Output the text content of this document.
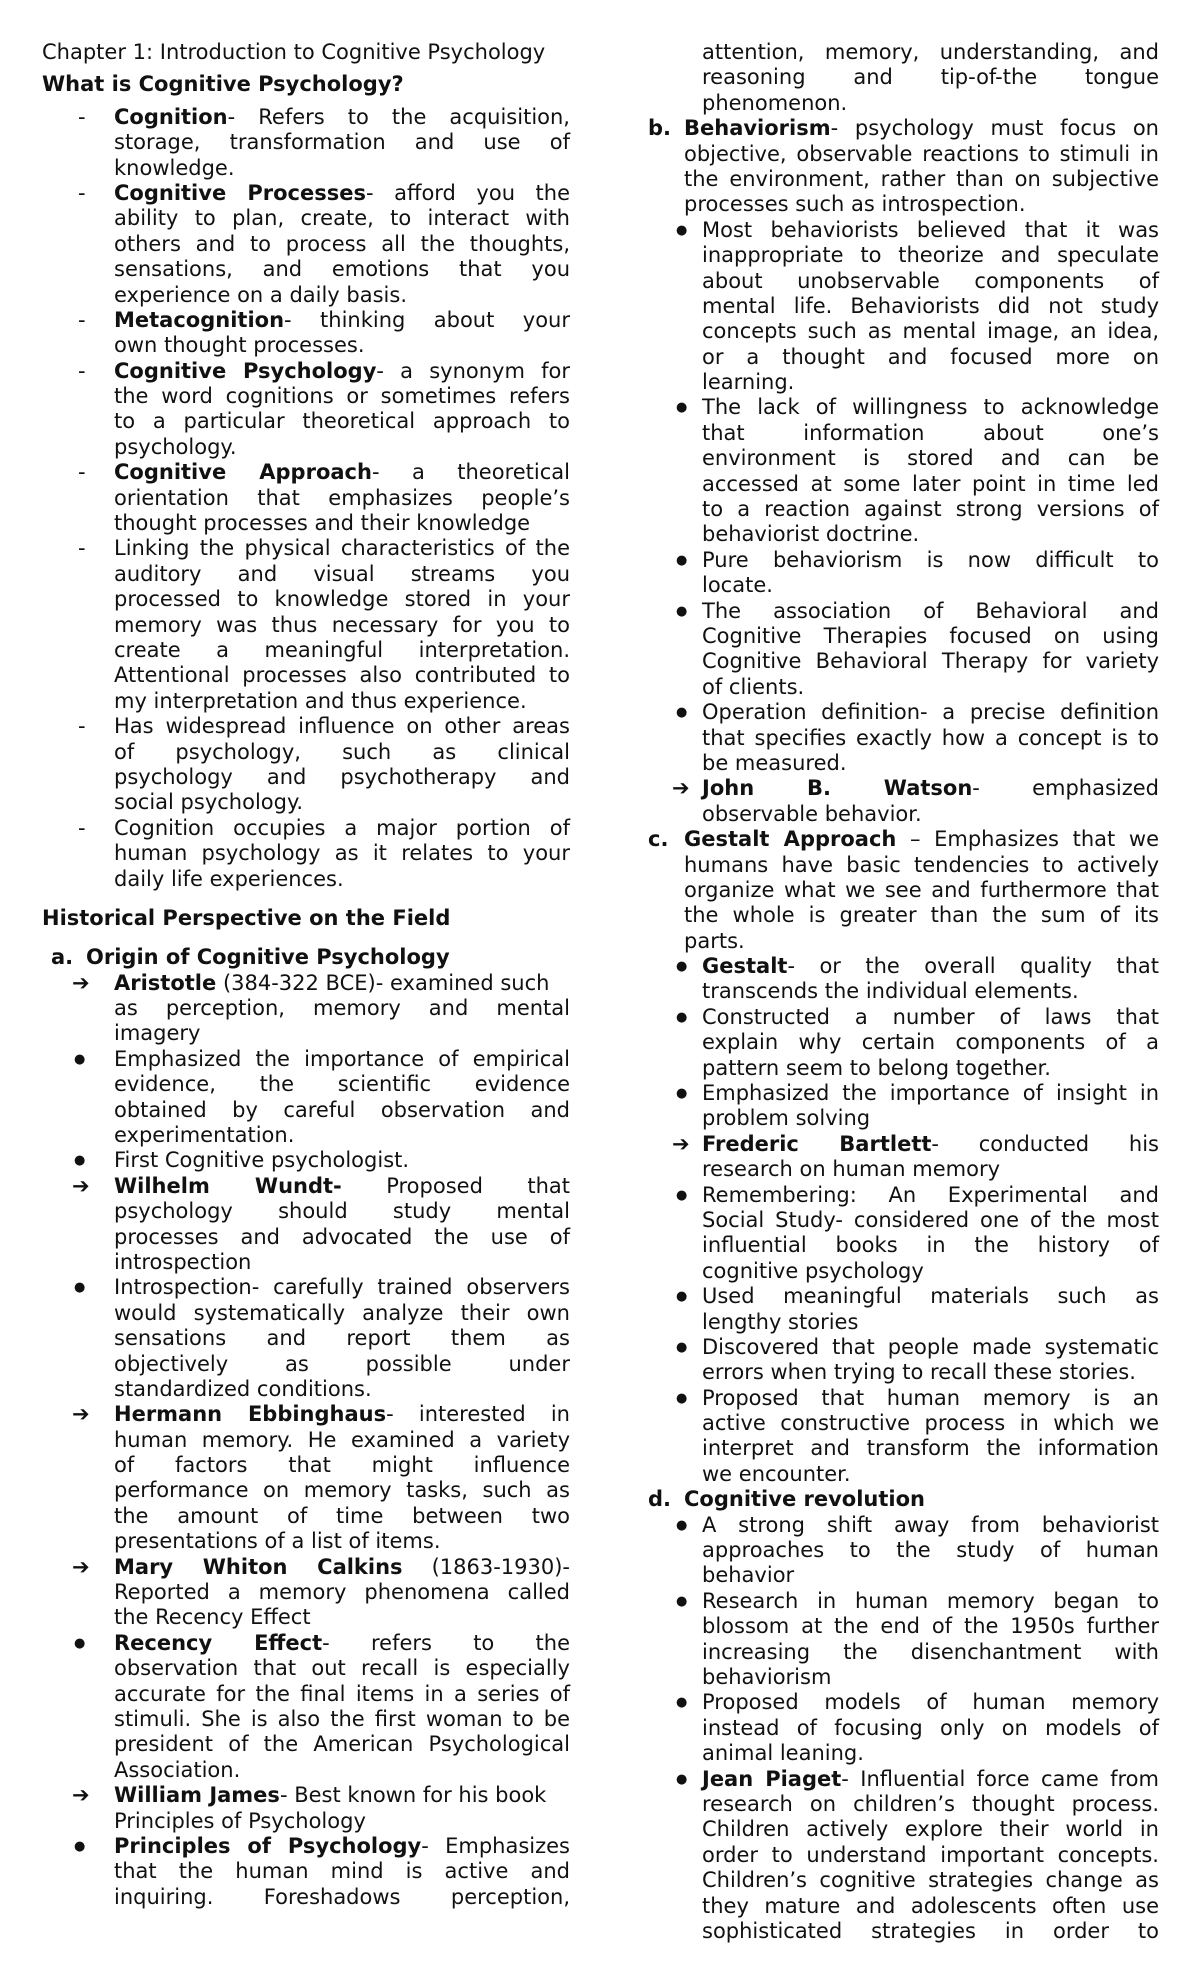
Chapter 1: Introduction to Cognitive Psychology
What is Cognitive Psychology?
- Cognition- Refers to the acquisition,
storage, transformation and use of
knowledge.
- Cognitive Processes- afford you the
ability to plan, create, to interact with
others and to process all the thoughts,
sensations, and emotions that you
experience on a daily basis.
- Metacognition- thinking about your
own thought processes.
- Cognitive Psychology- a synonym for
the word cognitions or sometimes refers
to a particular theoretical approach to
psychology.
- Cognitive Approach- a theoretical
orientation that emphasizes people’s
thought processes and their knowledge
- Linking the physical characteristics of the
auditory and visual streams you
processed to knowledge stored in your
memory was thus necessary for you to
create a meaningful interpretation.
Attentional processes also contributed to
my interpretation and thus experience.
- Has widespread influence on other areas
of psychology, such as clinical
psychology and psychotherapy and
social psychology.
- Cognition occupies a major portion of
human psychology as it relates to your
daily life experiences.
Historical Perspective on the Field
a. Origin of Cognitive Psychology
➔ Aristotle (384-322 BCE)- examined such
as perception, memory and mental
imagery
● Emphasized the importance of empirical
evidence, the scientific evidence
obtained by careful observation and
experimentation.
● First Cognitive psychologist.
➔ Wilhelm Wundt- Proposed that
psychology should study mental
processes and advocated the use of
introspection
● Introspection- carefully trained observers
would systematically analyze their own
sensations and report them as
objectively as possible under
standardized conditions.
➔ Hermann Ebbinghaus- interested in
human memory. He examined a variety
of factors that might influence
performance on memory tasks, such as
the amount of time between two
presentations of a list of items.
➔ Mary Whiton Calkins (1863-1930)-
Reported a memory phenomena called
the Recency Effect
● Recency Effect- refers to the
observation that out recall is especially
accurate for the final items in a series of
stimuli. She is also the first woman to be
president of the American Psychological
Association.
➔ William James- Best known for his book
Principles of Psychology
● Principles of Psychology- Emphasizes
that the human mind is active and
inquiring. Foreshadows perception,
attention, memory, understanding, and
reasoning and tip-of-the tongue
phenomenon.
b. Behaviorism- psychology must focus on
objective, observable reactions to stimuli in
the environment, rather than on subjective
processes such as introspection.
● Most behaviorists believed that it was
inappropriate to theorize and speculate
about unobservable components of
mental life. Behaviorists did not study
concepts such as mental image, an idea,
or a thought and focused more on
learning.
● The lack of willingness to acknowledge
that information about one’s
environment is stored and can be
accessed at some later point in time led
to a reaction against strong versions of
behaviorist doctrine.
● Pure behaviorism is now difficult to
locate.
● The association of Behavioral and
Cognitive Therapies focused on using
Cognitive Behavioral Therapy for variety
of clients.
● Operation definition- a precise definition
that specifies exactly how a concept is to
be measured.
➔ John B. Watson- emphasized
observable behavior.
c. Gestalt Approach – Emphasizes that we
humans have basic tendencies to actively
organize what we see and furthermore that
the whole is greater than the sum of its
parts.
● Gestalt- or the overall quality that
transcends the individual elements.
● Constructed a number of laws that
explain why certain components of a
pattern seem to belong together.
● Emphasized the importance of insight in
problem solving
➔ Frederic Bartlett- conducted his
research on human memory
● Remembering: An Experimental and
Social Study- considered one of the most
influential books in the history of
cognitive psychology
● Used meaningful materials such as
lengthy stories
● Discovered that people made systematic
errors when trying to recall these stories.
● Proposed that human memory is an
active constructive process in which we
interpret and transform the information
we encounter.
d. Cognitive revolution
● A strong shift away from behaviorist
approaches to the study of human
behavior
● Research in human memory began to
blossom at the end of the 1950s further
increasing the disenchantment with
behaviorism
● Proposed models of human memory
instead of focusing only on models of
animal leaning.
● Jean Piaget- Influential force came from
research on children’s thought process.
Children actively explore their world in
order to understand important concepts.
Children’s cognitive strategies change as
they mature and adolescents often use
sophisticated strategies in order to
